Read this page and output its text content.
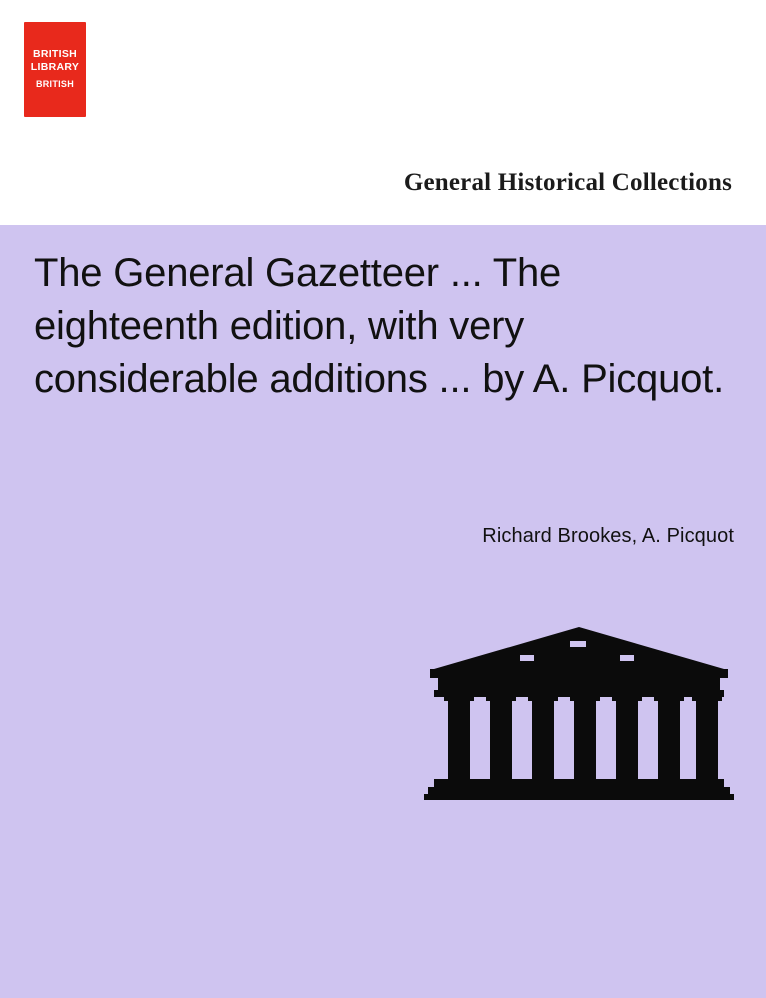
BRITISH
LIBRARY
BRITISH
General Historical Collections
The General Gazetteer ... The eighteenth edition, with very considerable additions ... by A. Picquot.
Richard Brookes, A. Picquot
